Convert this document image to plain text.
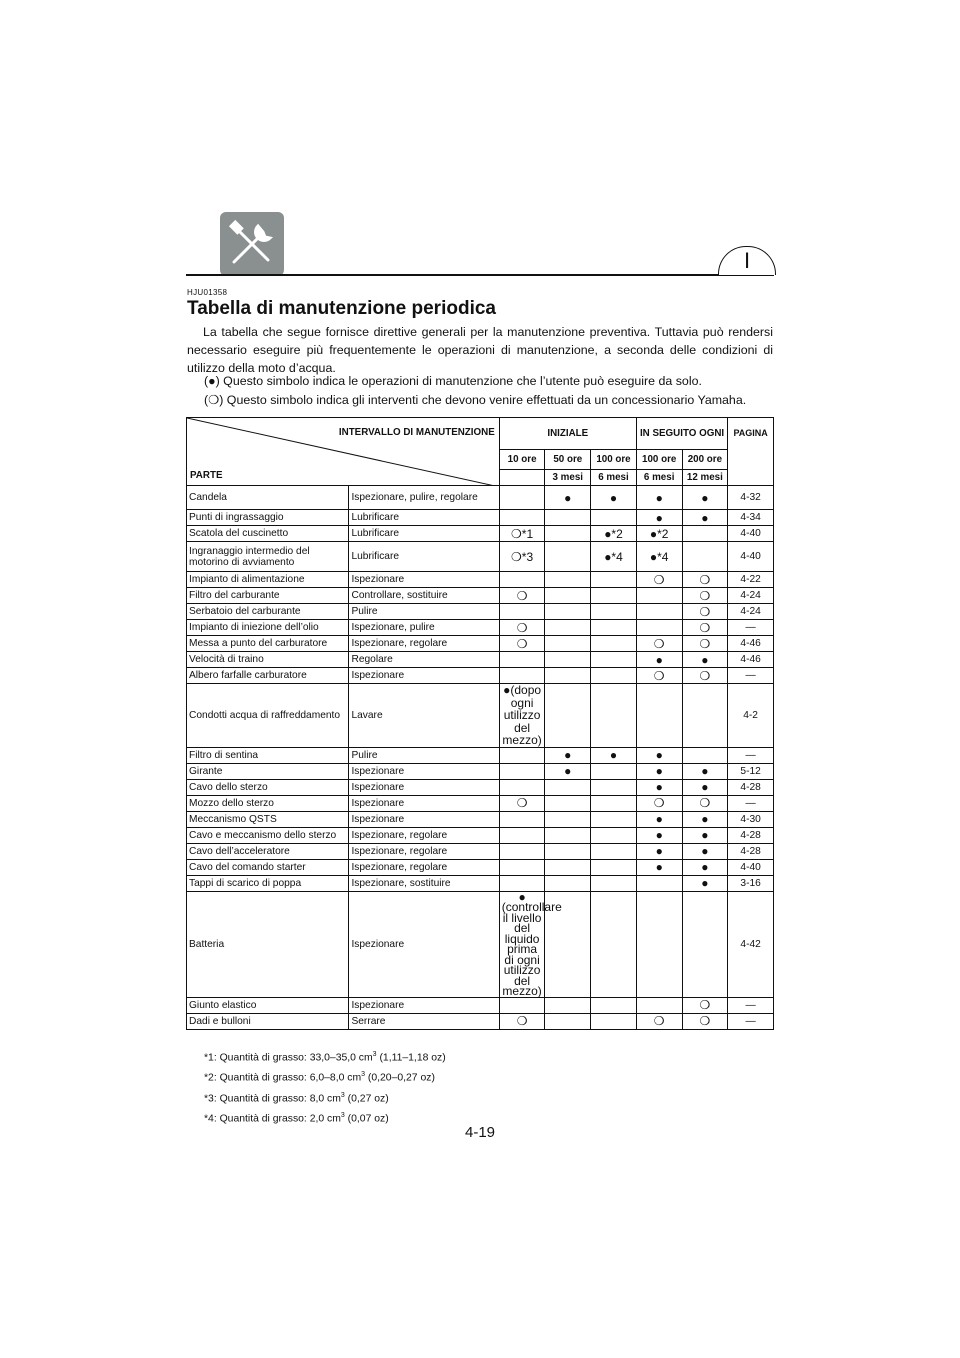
I
HJU01358
Tabella di manutenzione periodica

La tabella che segue fornisce direttive generali per la manutenzione preventiva. Tuttavia può rendersi necessario eseguire più frequentemente le operazioni di manutenzione, a seconda delle condizioni di utilizzo della moto d’acqua.

(●) Questo simbolo indica le operazioni di manutenzione che l’utente può eseguire da solo.
(❍) Questo simbolo indica gli interventi che devono venire effettuati da un concessionario Yamaha.
INTERVALLO DI MANUTENZIONE
PARTE		INIZIALE			IN SEGUITO OGNI		PAGINA
		10 ore	50 ore	100 ore	100 ore	200 ore	
			3 mesi	6 mesi	6 mesi	12 mesi	
Candela	Ispezionare, pulire, regolare		●	●	●	●	4-32
Punti di ingrassaggio	Lubrificare				●	●	4-34
Scatola del cuscinetto	Lubrificare	❍*1		●*2	●*2		4-40
Ingranaggio intermedio del motorino di avviamento	Lubrificare	❍*3		●*4	●*4		4-40
Impianto di alimentazione	Ispezionare				❍	❍	4-22
Filtro del carburante	Controllare, sostituire	❍				❍	4-24
Serbatoio del carburante	Pulire					❍	4-24
Impianto di iniezione dell’olio	Ispezionare, pulire	❍				❍	—
Messa a punto del carburatore	Ispezionare, regolare	❍			❍	❍	4-46
Velocità di traino	Regolare				●	●	4-46
Albero farfalle carburatore	Ispezionare				❍	❍	—
Condotti acqua di raffreddamento	Lavare	●(dopo ogni utilizzo del mezzo)					4-2
Filtro di sentina	Pulire		●	●	●		—
Girante	Ispezionare		●		●	●	5-12
Cavo dello sterzo	Ispezionare				●	●	4-28
Mozzo dello sterzo	Ispezionare	❍			❍	❍	—
Meccanismo QSTS	Ispezionare				●	●	4-30
Cavo e meccanismo dello sterzo	Ispezionare, regolare				●	●	4-28
Cavo dell’acceleratore	Ispezionare, regolare				●	●	4-28
Cavo del comando starter	Ispezionare, regolare				●	●	4-40
Tappi di scarico di poppa	Ispezionare, sostituire					●	3-16
Batteria	Ispezionare	● (controllare il livello del liquido prima di ogni utilizzo del mezzo)					4-42
Giunto elastico	Ispezionare					❍	—
Dadi e bulloni	Serrare	❍			❍	❍	—
*1: Quantità di grasso: 33,0–35,0 $cm^3$ (1,11–1,18 oz)
*2: Quantità di grasso: 6,0–8,0 $cm^3$ (0,20–0,27 oz)
*3: Quantità di grasso: 8,0 $cm^3$ (0,27 oz)
*4: Quantità di grasso: 2,0 $cm^3$ (0,07 oz)
4-19
